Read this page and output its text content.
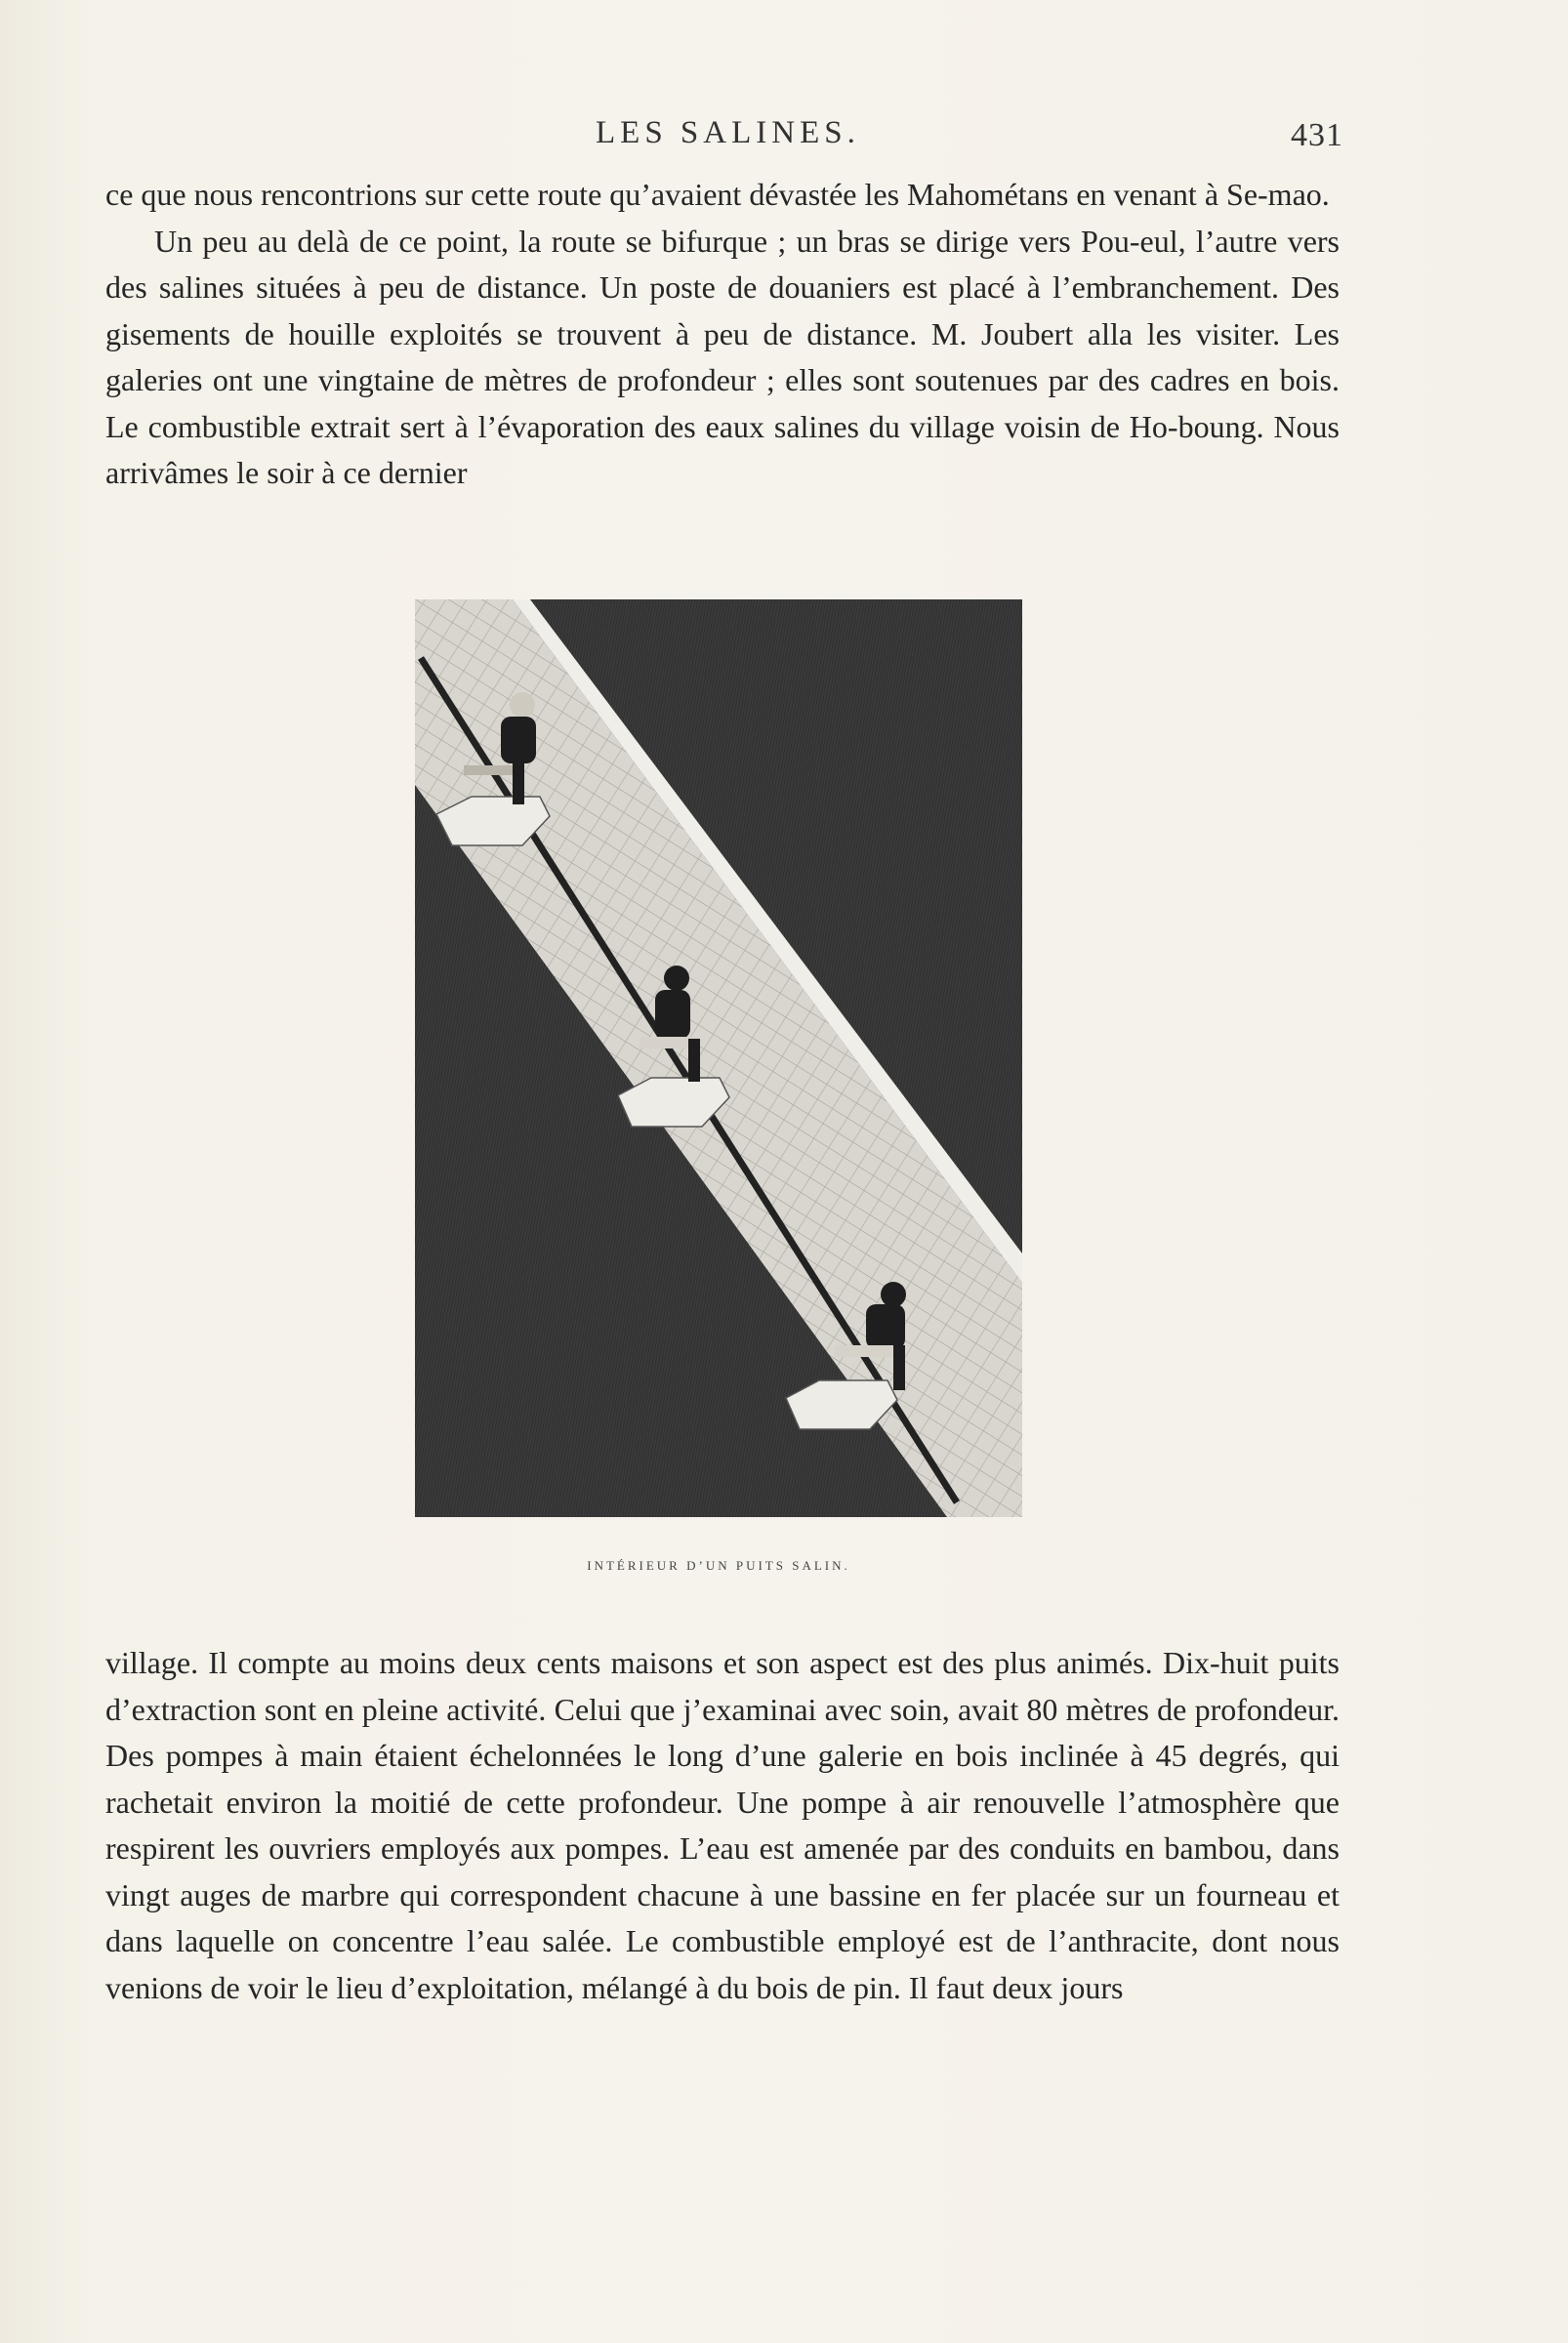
LES SALINES.	431

ce que nous rencontrions sur cette route qu’avaient dévastée les Mahométans en venant à Se-mao.

Un peu au delà de ce point, la route se bifurque ; un bras se dirige vers Pou-eul, l’autre vers des salines situées à peu de distance. Un poste de douaniers est placé à l’embranchement. Des gisements de houille exploités se trouvent à peu de distance. M. Joubert alla les visiter. Les galeries ont une vingtaine de mètres de profondeur ; elles sont soutenues par des cadres en bois. Le combustible extrait sert à l’évaporation des eaux salines du village voisin de Ho-boung. Nous arrivâmes le soir à ce dernier

INTÉRIEUR D’UN PUITS SALIN.

village. Il compte au moins deux cents maisons et son aspect est des plus animés. Dix-huit puits d’extraction sont en pleine activité. Celui que j’examinai avec soin, avait 80 mètres de profondeur. Des pompes à main étaient échelonnées le long d’une galerie en bois inclinée à 45 degrés, qui rachetait environ la moitié de cette profondeur. Une pompe à air renouvelle l’atmosphère que respirent les ouvriers employés aux pompes. L’eau est amenée par des conduits en bambou, dans vingt auges de marbre qui correspondent chacune à une bassine en fer placée sur un fourneau et dans laquelle on concentre l’eau salée. Le combustible employé est de l’anthracite, dont nous venions de voir le lieu d’exploitation, mélangé à du bois de pin. Il faut deux jours
